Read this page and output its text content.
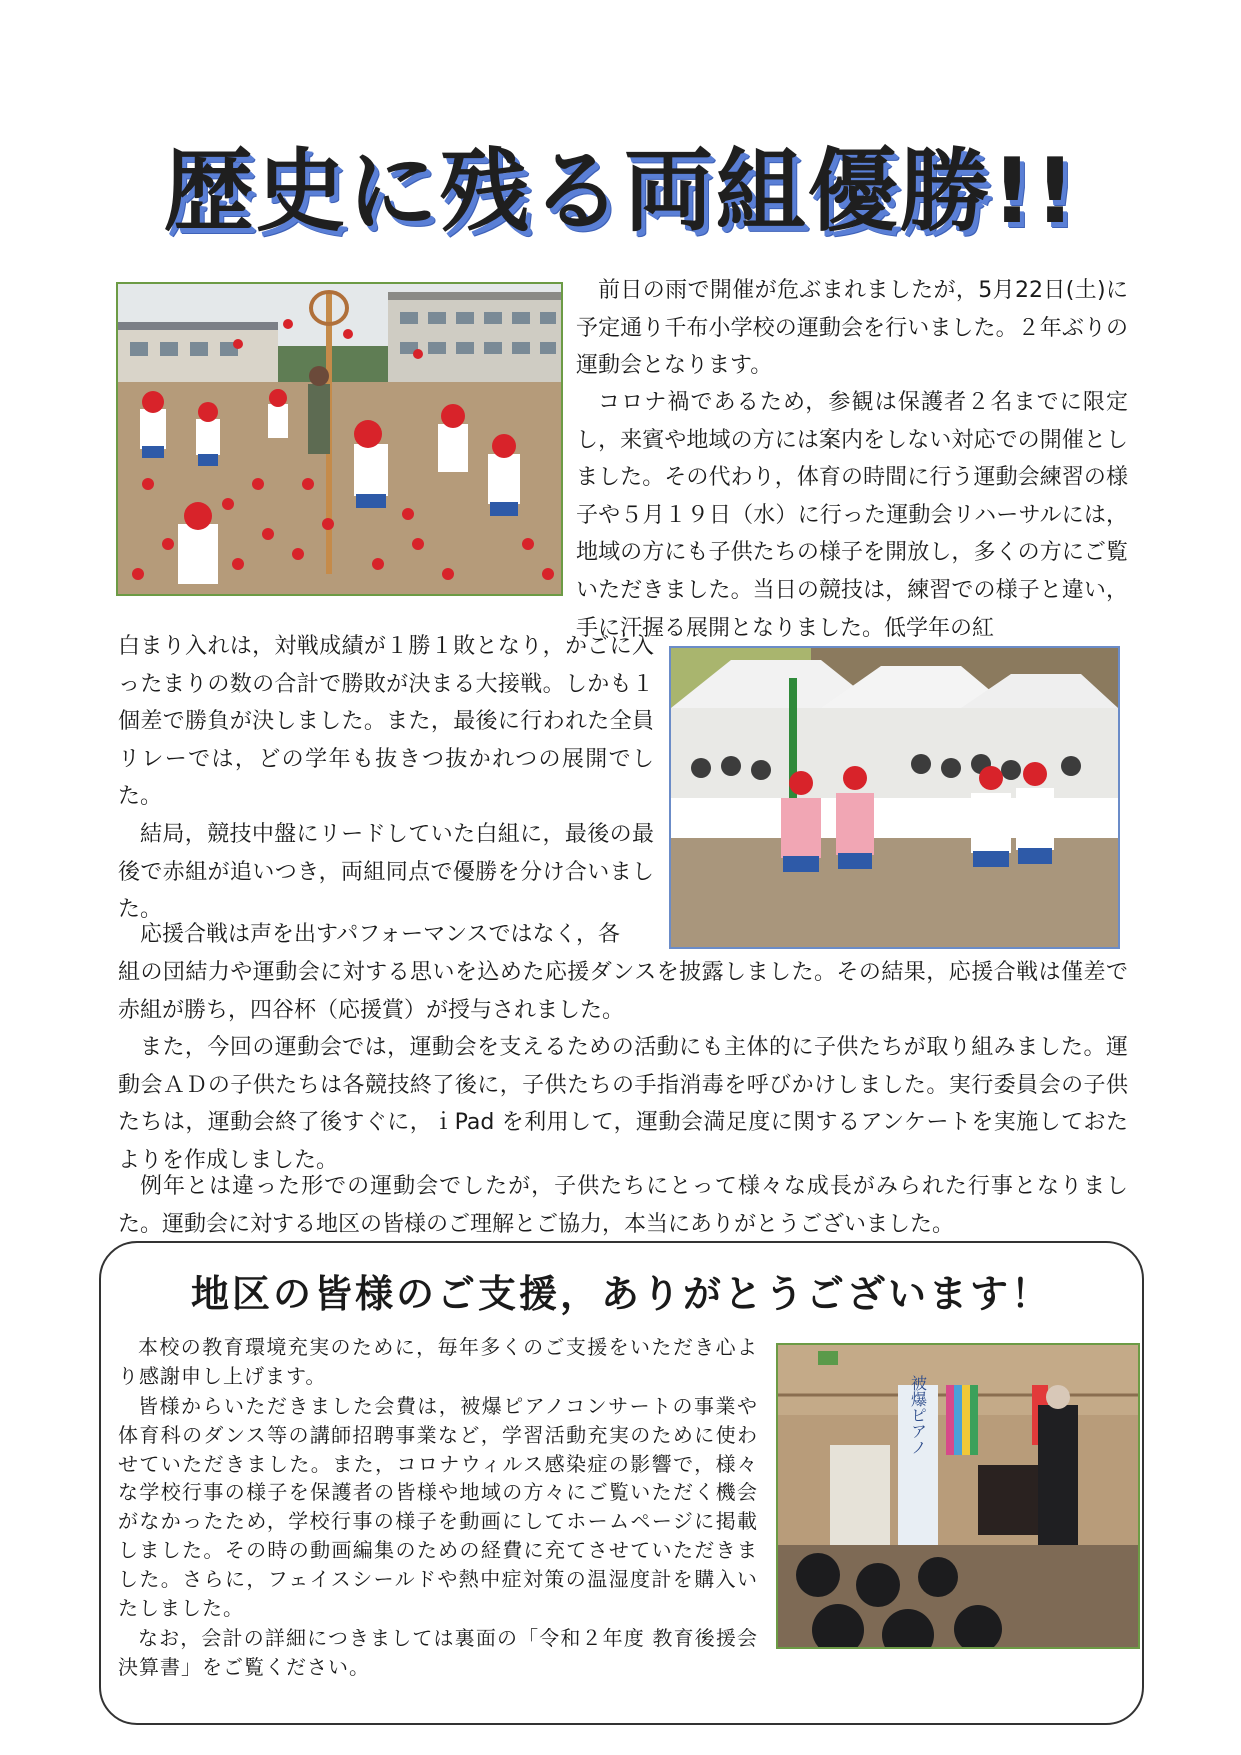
歴史に残る両組優勝!!

前日の雨で開催が危ぶまれましたが，5月22日(土)に予定通り千布小学校の運動会を行いました。２年ぶりの運動会となります。

コロナ禍であるため，参観は保護者２名までに限定し，来賓や地域の方には案内をしない対応での開催としました。その代わり，体育の時間に行う運動会練習の様子や５月１９日（水）に行った運動会リハーサルには，地域の方にも子供たちの様子を開放し，多くの方にご覧いただきました。当日の競技は，練習での様子と違い，手に汗握る展開となりました。低学年の紅

白まり入れは，対戦成績が１勝１敗となり，かごに入ったまりの数の合計で勝敗が決まる大接戦。しかも１個差で勝負が決しました。また，最後に行われた全員リレーでは，どの学年も抜きつ抜かれつの展開でした。

結局，競技中盤にリードしていた白組に，最後の最後で赤組が追いつき，両組同点で優勝を分け合いました。

応援合戦は声を出すパフォーマンスではなく，各

組の団結力や運動会に対する思いを込めた応援ダンスを披露しました。その結果，応援合戦は僅差で赤組が勝ち，四谷杯（応援賞）が授与されました。

また，今回の運動会では，運動会を支えるための活動にも主体的に子供たちが取り組みました。運動会ＡＤの子供たちは各競技終了後に，子供たちの手指消毒を呼びかけしました。実行委員会の子供たちは，運動会終了後すぐに，ｉPad を利用して，運動会満足度に関するアンケートを実施しておたよりを作成しました。

例年とは違った形での運動会でしたが，子供たちにとって様々な成長がみられた行事となりました。運動会に対する地区の皆様のご理解とご協力，本当にありがとうございました。

地区の皆様のご支援，ありがとうございます！

本校の教育環境充実のために，毎年多くのご支援をいただき心より感謝申し上げます。

皆様からいただきました会費は，被爆ピアノコンサートの事業や体育科のダンス等の講師招聘事業など，学習活動充実のために使わせていただきました。また，コロナウィルス感染症の影響で，様々な学校行事の様子を保護者の皆様や地域の方々にご覧いただく機会がなかったため，学校行事の様子を動画にしてホームページに掲載しました。その時の動画編集のための経費に充てさせていただきました。さらに，フェイスシールドや熱中症対策の温湿度計を購入いたしました。

なお，会計の詳細につきましては裏面の「令和２年度 教育後援会 決算書」をご覧ください。

被爆ピアノ
